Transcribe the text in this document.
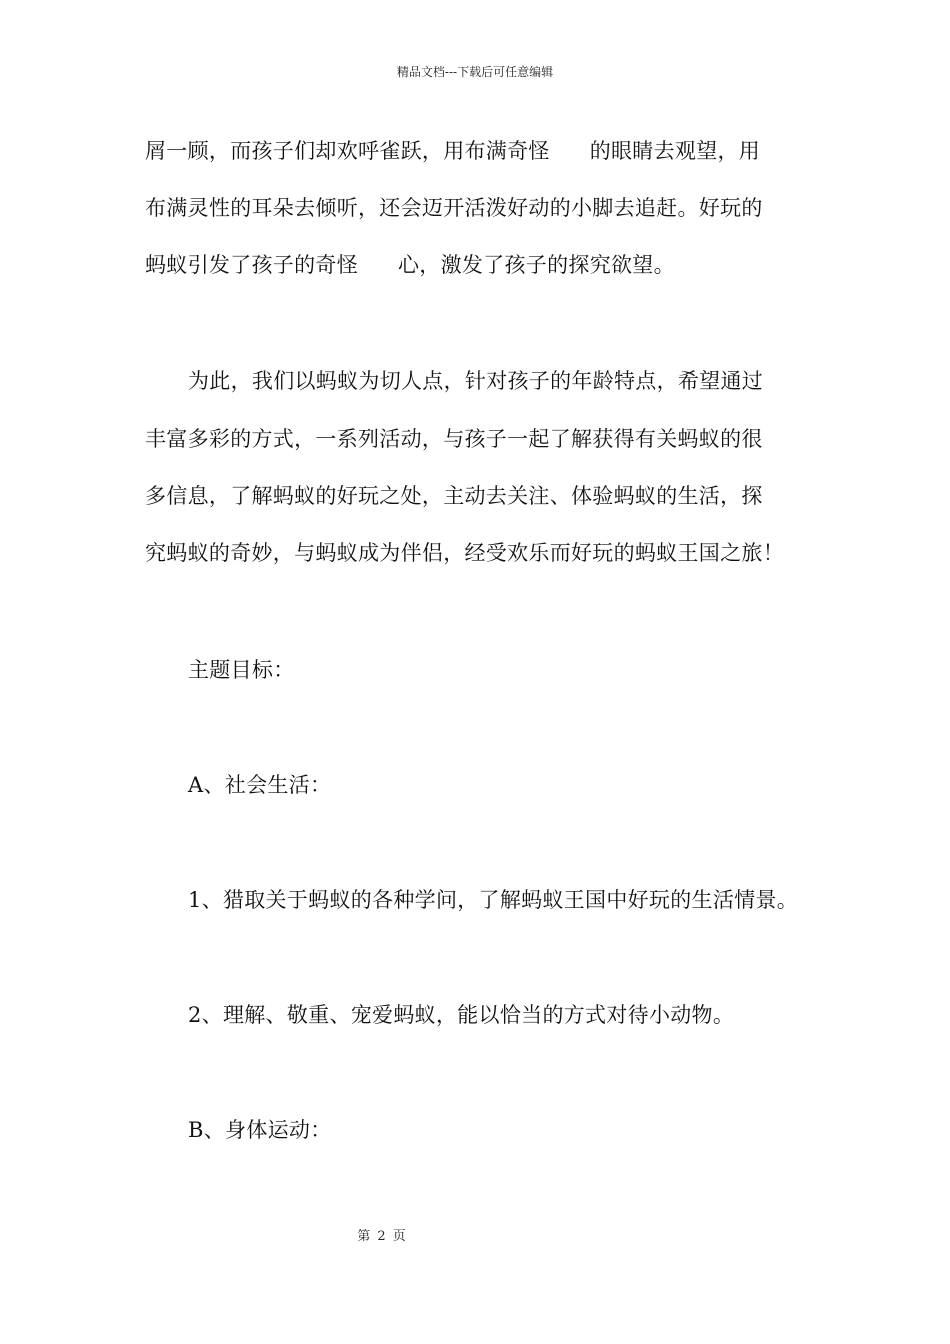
精品文档---下载后可任意编辑
屑一顾，而孩子们却欢呼雀跃，用布满奇怪 的眼睛去观望，用
布满灵性的耳朵去倾听，还会迈开活泼好动的小脚去追赶。好玩的
蚂蚁引发了孩子的奇怪 心，激发了孩子的探究欲望。
为此，我们以蚂蚁为切人点，针对孩子的年龄特点，希望通过
丰富多彩的方式，一系列活动，与孩子一起了解获得有关蚂蚁的很
多信息，了解蚂蚁的好玩之处，主动去关注、体验蚂蚁的生活，探
究蚂蚁的奇妙，与蚂蚁成为伴侣，经受欢乐而好玩的蚂蚁王国之旅！
主题目标：
A、社会生活：
1、猎取关于蚂蚁的各种学问，了解蚂蚁王国中好玩的生活情景。
2、理解、敬重、宠爱蚂蚁，能以恰当的方式对待小动物。
B、身体运动：
第 2 页
